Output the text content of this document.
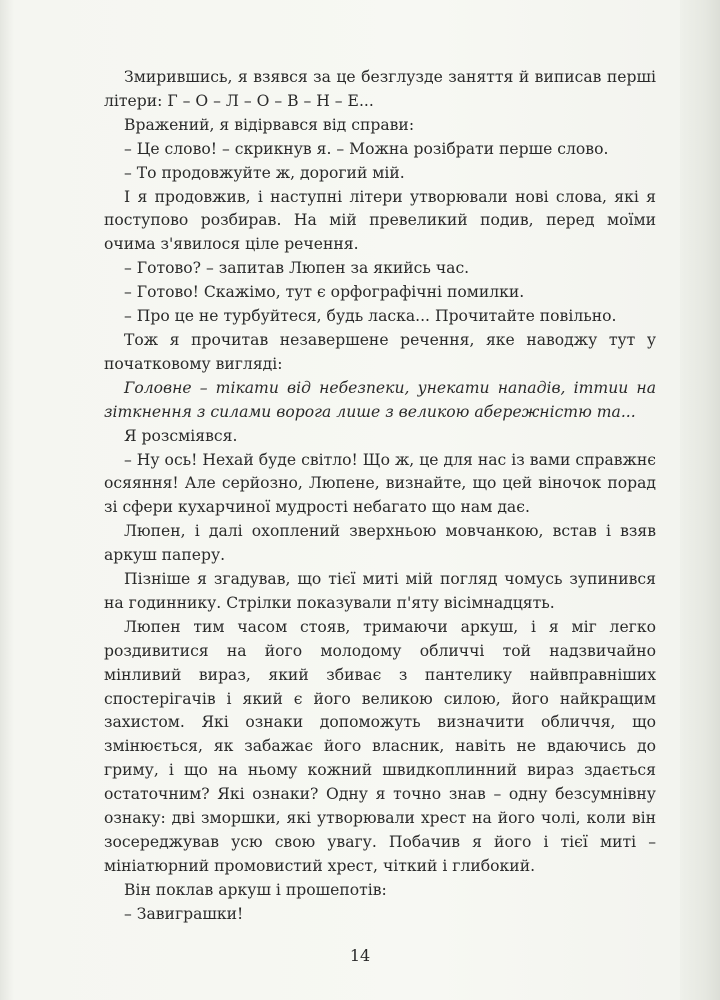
Змирившись, я взявся за це безглузде заняття й виписав перші літери: Г – О – Л – О – В – Н – Е...

Вражений, я відірвався від справи:

– Це слово! – скрикнув я. – Можна розібрати перше слово.

– То продовжуйте ж, дорогий мій.

І я продовжив, і наступні літери утворювали нові слова, які я поступово розбирав. На мій превеликий подив, перед моїми очима з'явилося ціле речення.

– Готово? – запитав Люпен за якийсь час.

– Готово! Скажімо, тут є орфографічні помилки.

– Про це не турбуйтеся, будь ласка... Прочитайте повільно.

Тож я прочитав незавершене речення, яке наводжу тут у початковому вигляді:

Головне – тікати від небезпеки, унекати нападів, іттии на зіткнення з силами ворога лише з великою абережністю та...

Я розсміявся.

– Ну ось! Нехай буде світло! Що ж, це для нас із вами справжнє осяяння! Але серйозно, Люпене, визнайте, що цей віночок порад зі сфери кухарчиної мудрості небагато що нам дає.

Люпен, і далі охоплений зверхньою мовчанкою, встав і взяв аркуш паперу.

Пізніше я згадував, що тієї миті мій погляд чомусь зупинився на годиннику. Стрілки показували п'яту вісімнадцять.

Люпен тим часом стояв, тримаючи аркуш, і я міг легко роздивитися на його молодому обличчі той надзвичайно мінливий вираз, який збиває з пантелику найвправніших спостерігачів і який є його великою силою, його найкращим захистом. Які ознаки допоможуть визначити обличчя, що змінюється, як забажає його власник, навіть не вдаючись до гриму, і що на ньому кожний швидкоплинний вираз здається остаточним? Які ознаки? Одну я точно знав – одну безсумнівну ознаку: дві зморшки, які утворювали хрест на його чолі, коли він зосереджував усю свою увагу. Побачив я його і тієї миті – мініатюрний промовистий хрест, чіткий і глибокий.

Він поклав аркуш і прошепотів:

– Завиграшки!

14
